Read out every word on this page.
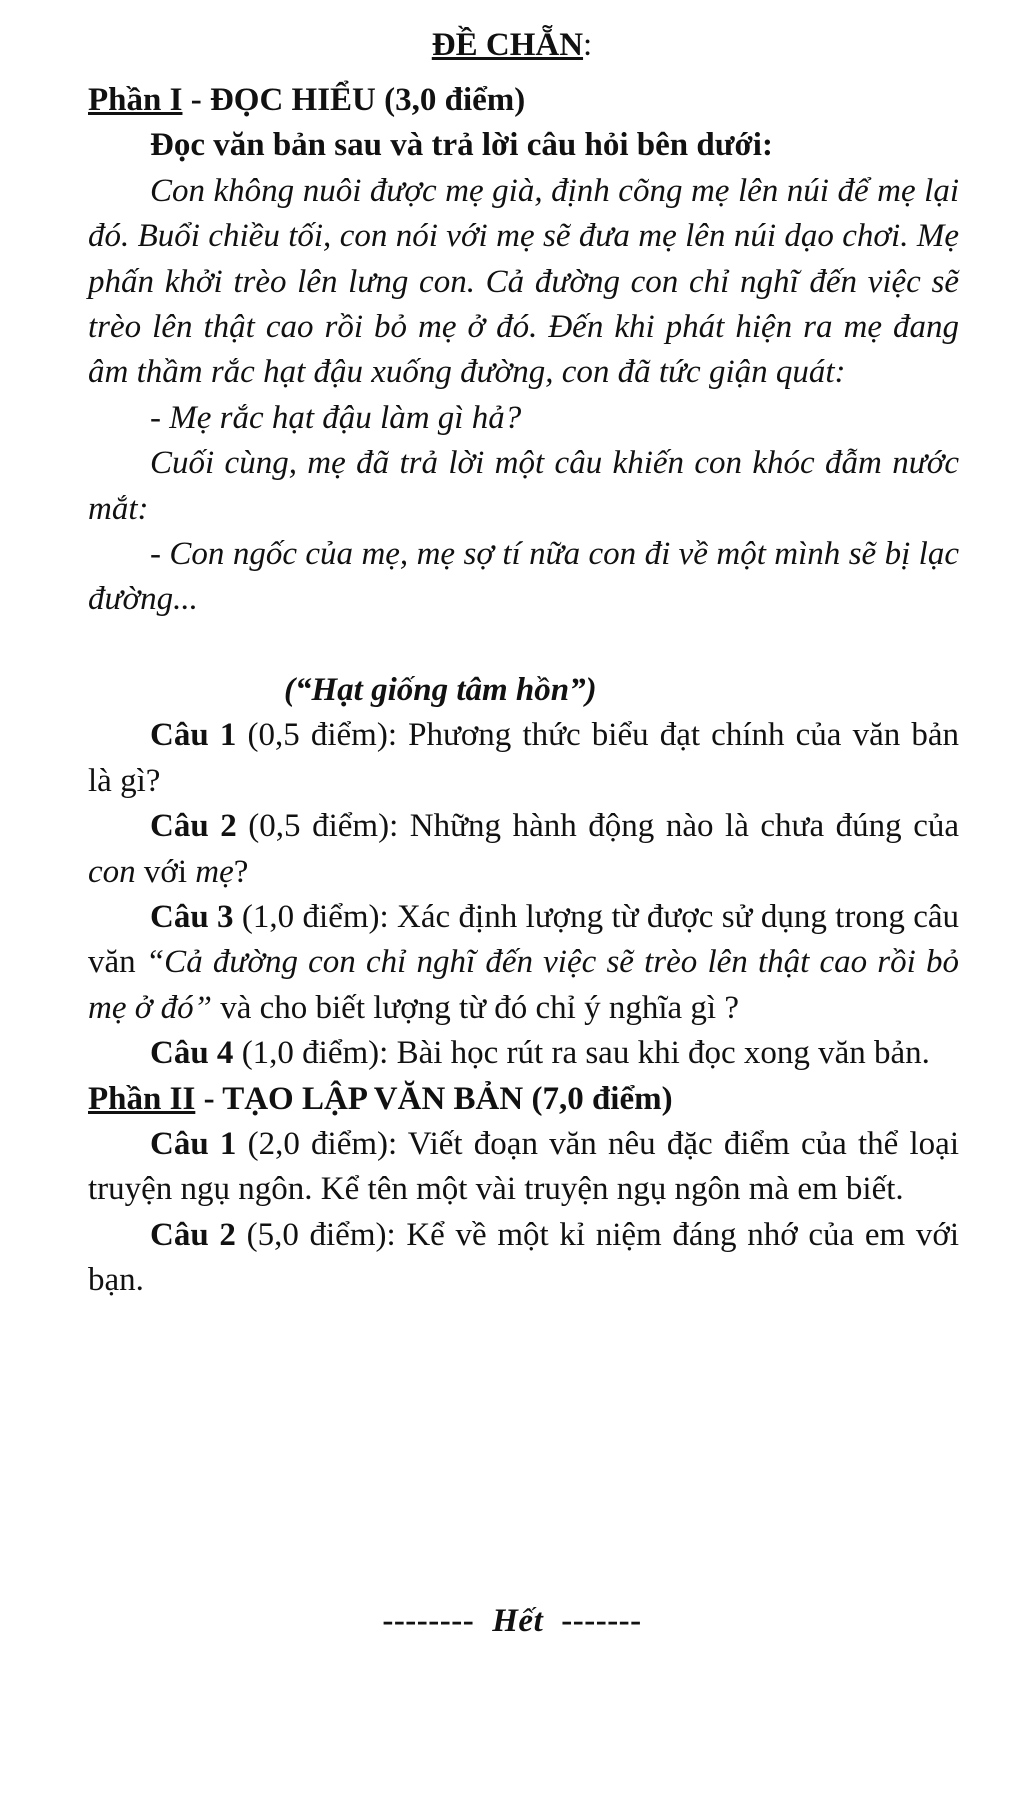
ĐỀ CHẴN:

Phần I - ĐỌC HIỂU (3,0 điểm)

Đọc văn bản sau và trả lời câu hỏi bên dưới:

Con không nuôi được mẹ già, định cõng mẹ lên núi để mẹ lại đó. Buổi chiều tối, con nói với mẹ sẽ đưa mẹ lên núi dạo chơi. Mẹ phấn khởi trèo lên lưng con. Cả đường con chỉ nghĩ đến việc sẽ trèo lên thật cao rồi bỏ mẹ ở đó. Đến khi phát hiện ra mẹ đang âm thầm rắc hạt đậu xuống đường, con đã tức giận quát:

- Mẹ rắc hạt đậu làm gì hả?

Cuối cùng, mẹ đã trả lời một câu khiến con khóc đẫm nước mắt:

- Con ngốc của mẹ, mẹ sợ tí nữa con đi về một mình sẽ bị lạc đường...

(“Hạt giống tâm hồn”)

Câu 1 (0,5 điểm): Phương thức biểu đạt chính của văn bản là gì?

Câu 2 (0,5 điểm): Những hành động nào là chưa đúng của con với mẹ?

Câu 3 (1,0 điểm): Xác định lượng từ được sử dụng trong câu văn “Cả đường con chỉ nghĩ đến việc sẽ trèo lên thật cao rồi bỏ mẹ ở đó” và cho biết lượng từ đó chỉ ý nghĩa gì ?

Câu 4 (1,0 điểm): Bài học rút ra sau khi đọc xong văn bản.

Phần II - TẠO LẬP VĂN BẢN (7,0 điểm)

Câu 1 (2,0 điểm): Viết đoạn văn nêu đặc điểm của thể loại truyện ngụ ngôn. Kể tên một vài truyện ngụ ngôn mà em biết.

Câu 2 (5,0 điểm): Kể về một kỉ niệm đáng nhớ của em với bạn.

-------- Hết -------
